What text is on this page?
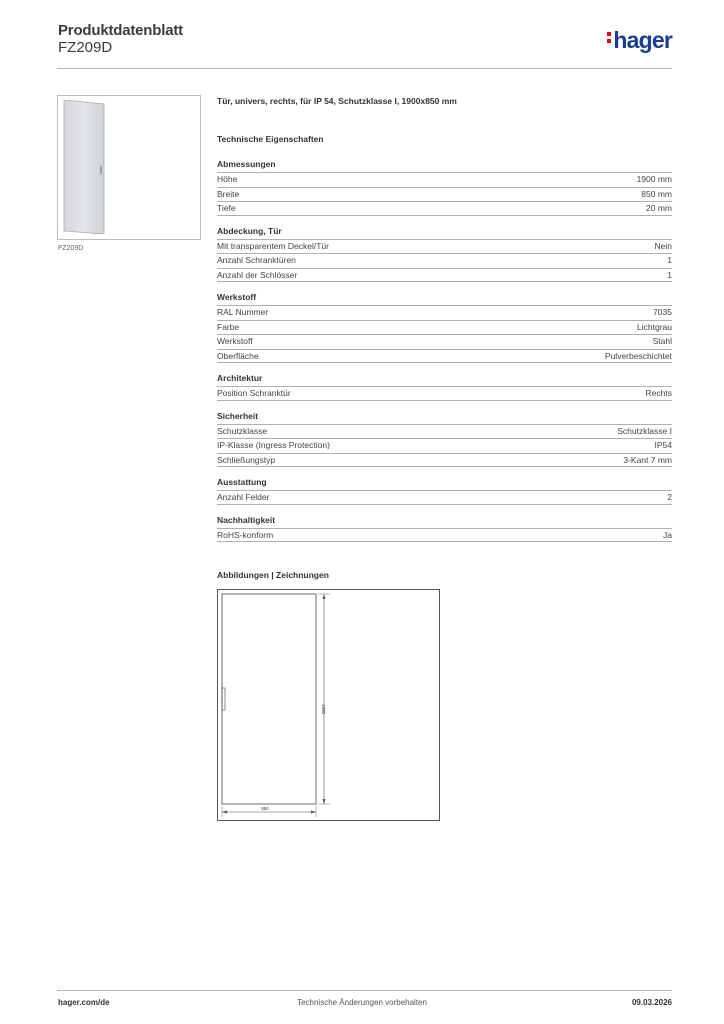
Produktdatenblatt
FZ209D	hager
FZ209D
Tür, univers, rechts, für IP 54, Schutzklasse I, 1900x850 mm
Technische Eigenschaften
Abmessungen
Höhe	1900 mm
Breite	850 mm
Tiefe	20 mm
Abdeckung, Tür
Mit transparentem Deckel/Tür	Nein
Anzahl Schranktüren	1
Anzahl der Schlösser	1
Werkstoff
RAL Nummer	7035
Farbe	Lichtgrau
Werkstoff	Stahl
Oberfläche	Pulverbeschichtet
Architektur
Position Schranktür	Rechts
Sicherheit
Schutzklasse	Schutzklasse I
IP-Klasse (Ingress Protection)	IP54
Schließungstyp	3-Kant 7 mm
Ausstattung
Anzahl Felder	2
Nachhaltigkeit
RoHS-konform	Ja
Abbildungen | Zeichnungen
1900
850
hager.com/de	Technische Änderungen vorbehalten	09.03.2026
